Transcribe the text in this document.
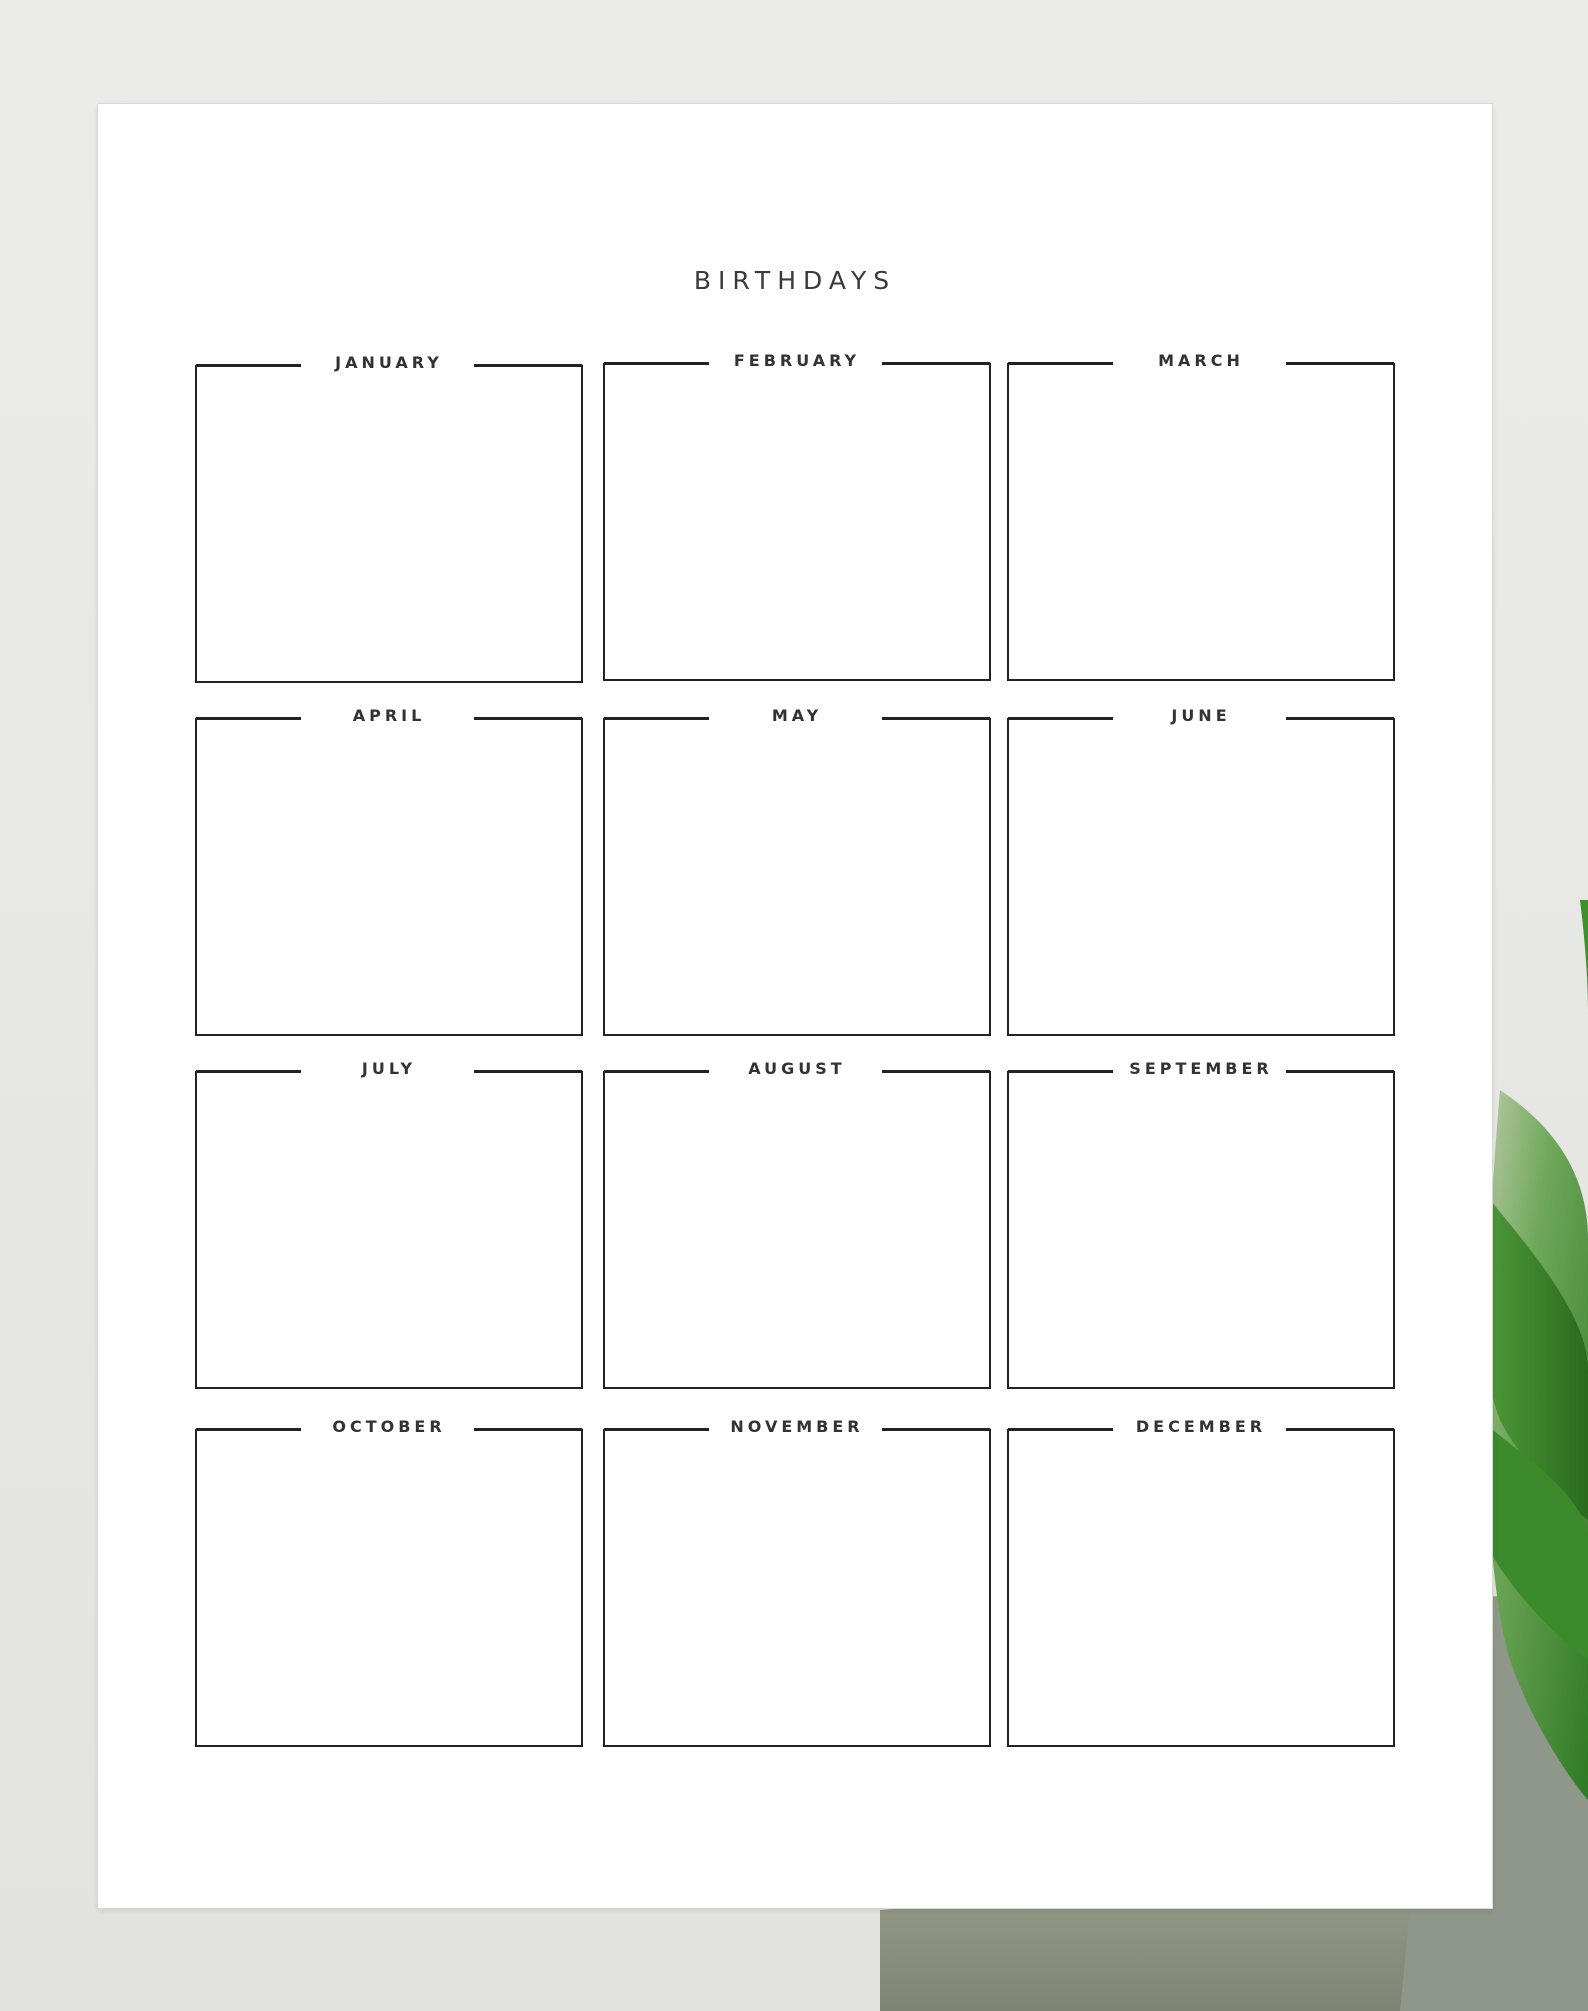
BIRTHDAYS
JANUARY	FEBRUARY	MARCH
APRIL	MAY	JUNE
JULY	AUGUST	SEPTEMBER
OCTOBER	NOVEMBER	DECEMBER
